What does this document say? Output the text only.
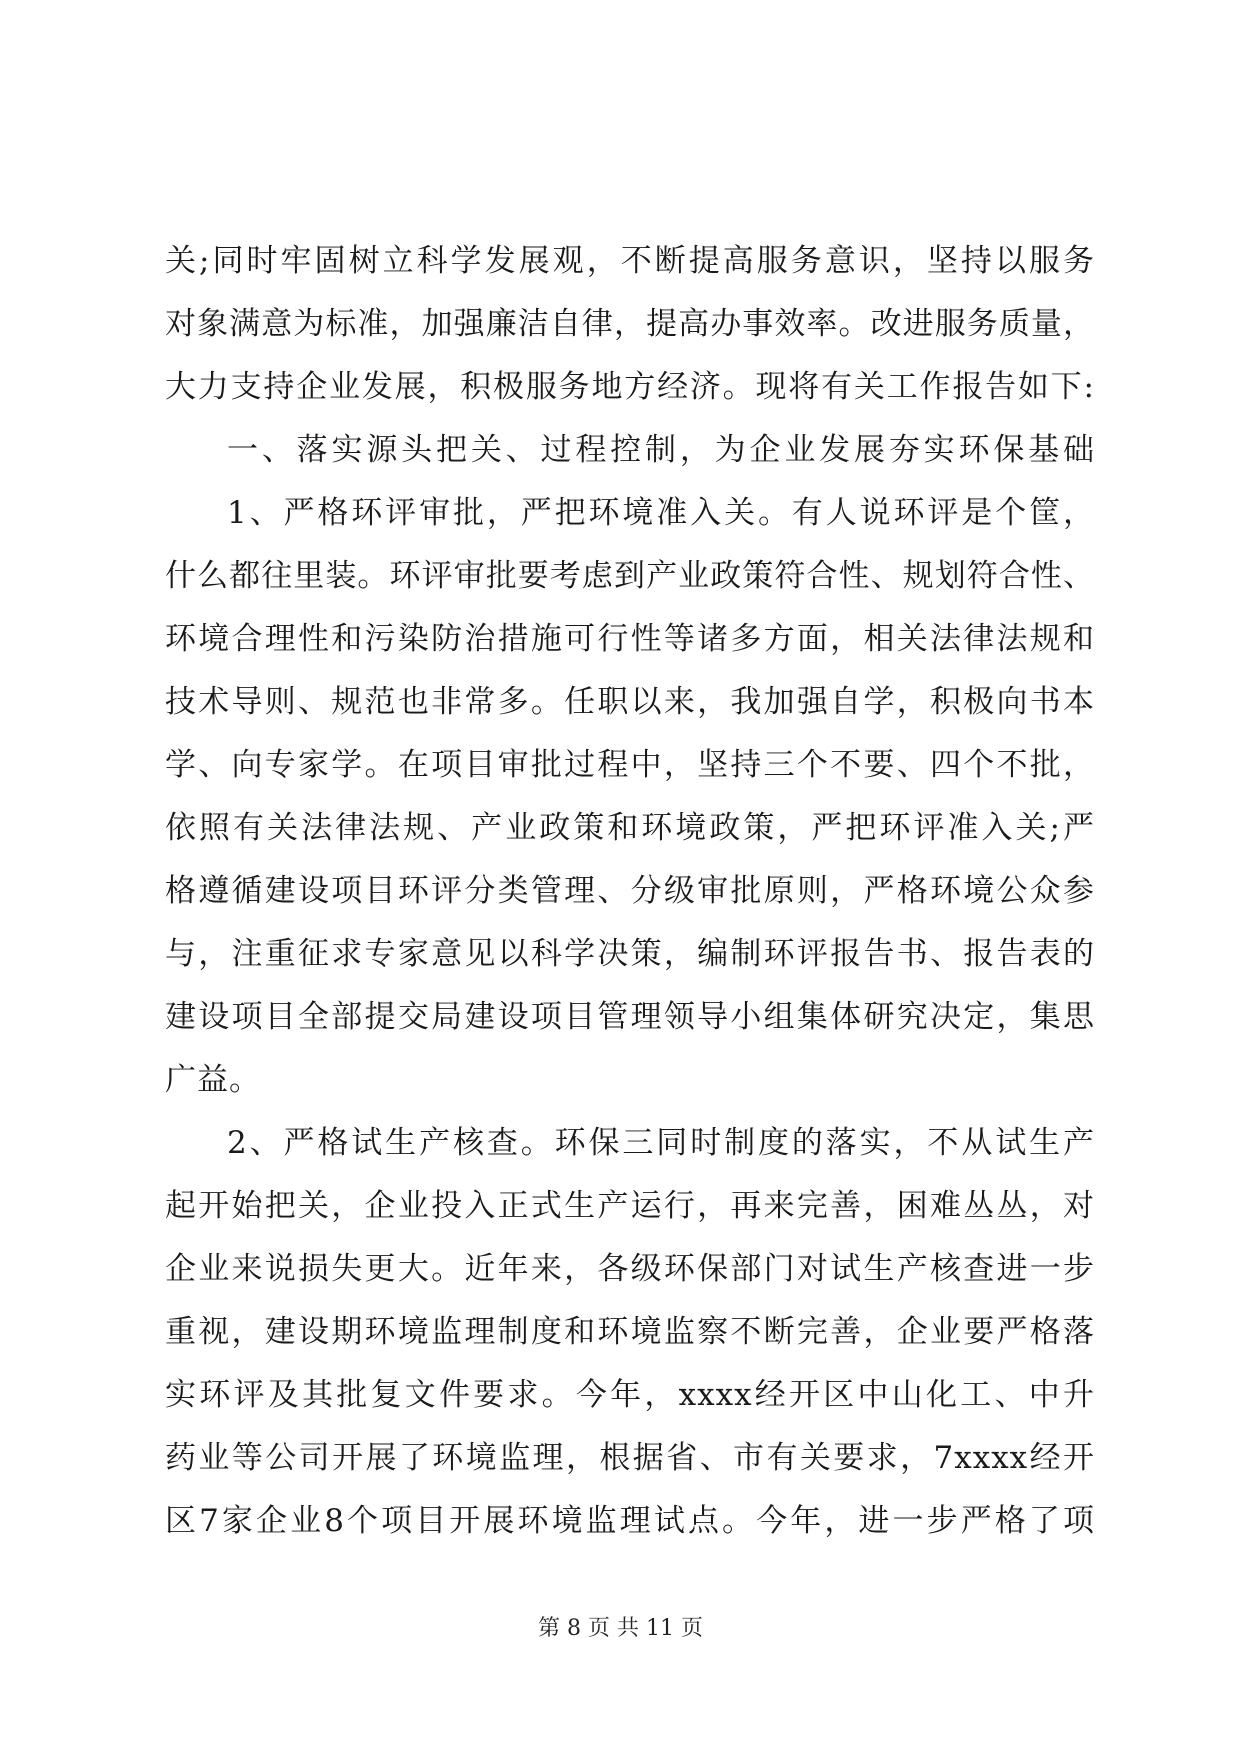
关;同时牢固树立科学发展观，不断提高服务意识，坚持以服务
对象满意为标准，加强廉洁自律，提高办事效率。改进服务质量，
大力支持企业发展，积极服务地方经济。现将有关工作报告如下:
一、落实源头把关、过程控制，为企业发展夯实环保基础
1、严格环评审批，严把环境准入关。有人说环评是个筐，
什么都往里装。环评审批要考虑到产业政策符合性、规划符合性、
环境合理性和污染防治措施可行性等诸多方面，相关法律法规和
技术导则、规范也非常多。任职以来，我加强自学，积极向书本
学、向专家学。在项目审批过程中，坚持三个不要、四个不批，
依照有关法律法规、产业政策和环境政策，严把环评准入关;严
格遵循建设项目环评分类管理、分级审批原则，严格环境公众参
与，注重征求专家意见以科学决策，编制环评报告书、报告表的
建设项目全部提交局建设项目管理领导小组集体研究决定，集思
广益。
2、严格试生产核查。环保三同时制度的落实，不从试生产
起开始把关，企业投入正式生产运行，再来完善，困难丛丛，对
企业来说损失更大。近年来，各级环保部门对试生产核查进一步
重视，建设期环境监理制度和环境监察不断完善，企业要严格落
实环评及其批复文件要求。今年，xxxx经开区中山化工、中升
药业等公司开展了环境监理，根据省、市有关要求，7xxxx经开
区7家企业8个项目开展环境监理试点。今年，进一步严格了项
第 8 页 共 11 页
